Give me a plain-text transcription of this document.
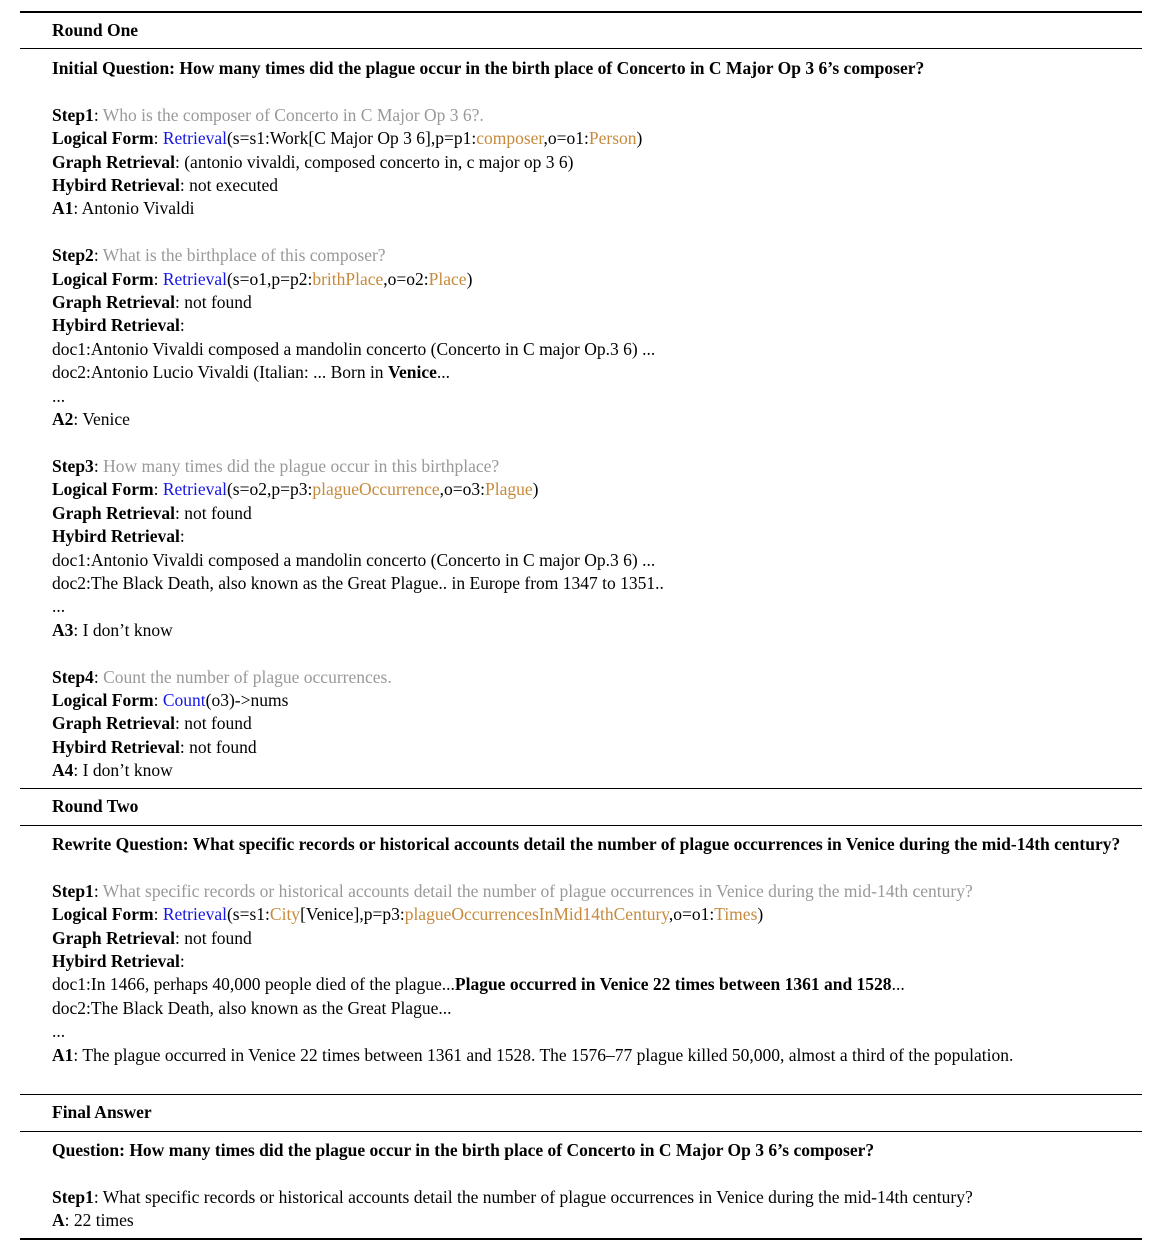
Round One
Initial Question: How many times did the plague occur in the birth place of Concerto in C Major Op 3 6’s composer?

Step1: Who is the composer of Concerto in C Major Op 3 6?.
Logical Form: Retrieval(s=s1:Work[C Major Op 3 6],p=p1:composer,o=o1:Person)
Graph Retrieval: (antonio vivaldi, composed concerto in, c major op 3 6)
Hybird Retrieval: not executed
A1: Antonio Vivaldi

Step2: What is the birthplace of this composer?
Logical Form: Retrieval(s=o1,p=p2:brithPlace,o=o2:Place)
Graph Retrieval: not found
Hybird Retrieval:
doc1:Antonio Vivaldi composed a mandolin concerto (Concerto in C major Op.3 6) ...
doc2:Antonio Lucio Vivaldi (Italian: ... Born in Venice...
...
A2: Venice

Step3: How many times did the plague occur in this birthplace?
Logical Form: Retrieval(s=o2,p=p3:plagueOccurrence,o=o3:Plague)
Graph Retrieval: not found
Hybird Retrieval:
doc1:Antonio Vivaldi composed a mandolin concerto (Concerto in C major Op.3 6) ...
doc2:The Black Death, also known as the Great Plague.. in Europe from 1347 to 1351..
...
A3: I don’t know

Step4: Count the number of plague occurrences.
Logical Form: Count(o3)->nums
Graph Retrieval: not found
Hybird Retrieval: not found
A4: I don’t know
Round Two
Rewrite Question: What specific records or historical accounts detail the number of plague occurrences in Venice during the mid-14th century?

Step1: What specific records or historical accounts detail the number of plague occurrences in Venice during the mid-14th century?
Logical Form: Retrieval(s=s1:City[Venice],p=p3:plagueOccurrencesInMid14thCentury,o=o1:Times)
Graph Retrieval: not found
Hybird Retrieval:
doc1:In 1466, perhaps 40,000 people died of the plague...Plague occurred in Venice 22 times between 1361 and 1528...
doc2:The Black Death, also known as the Great Plague...
...
A1: The plague occurred in Venice 22 times between 1361 and 1528. The 1576–77 plague killed 50,000, almost a third of the population.
Final Answer
Question: How many times did the plague occur in the birth place of Concerto in C Major Op 3 6’s composer?

Step1: What specific records or historical accounts detail the number of plague occurrences in Venice during the mid-14th century?
A: 22 times
